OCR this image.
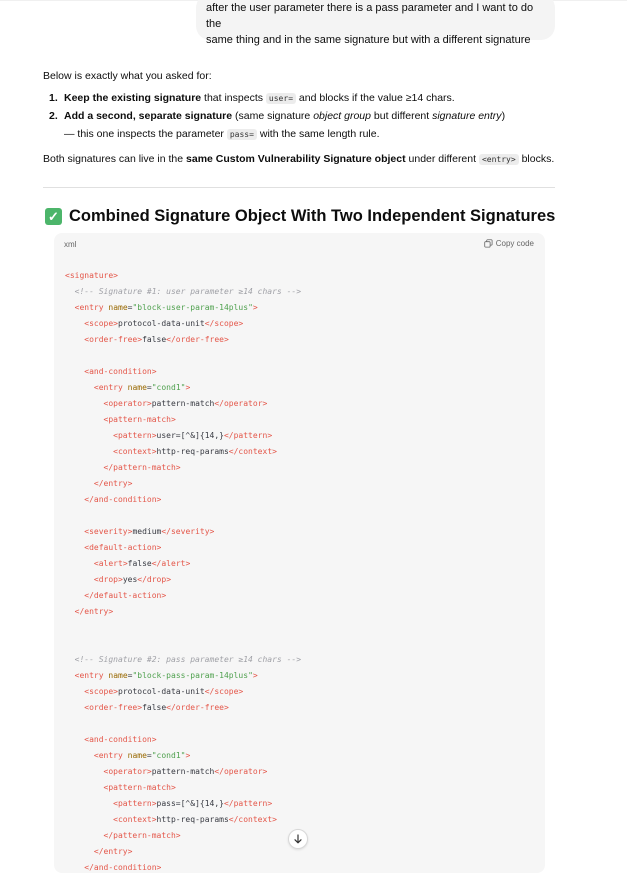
after the user parameter there is a pass parameter and I want to do the
same thing and in the same signature but with a different signature
Below is exactly what you asked for:
1. Keep the existing signature that inspects user= and blocks if the value ≥14 chars.
2. Add a second, separate signature (same signature object group but different signature entry)
— this one inspects the parameter pass= with the same length rule.
Both signatures can live in the same Custom Vulnerability Signature object under different <entry> blocks.
✓ Combined Signature Object With Two Independent Signatures
xml	Copy code
<signature>
<!-- Signature #1: user parameter ≥14 chars -->
<entry name="block-user-param-14plus">
<scope>protocol-data-unit</scope>
<order-free>false</order-free>
<and-condition>
<entry name="cond1">
<operator>pattern-match</operator>
<pattern-match>
<pattern>user=[^&]{14,}</pattern>
<context>http-req-params</context>
</pattern-match>
</entry>
</and-condition>
<severity>medium</severity>
<default-action>
<alert>false</alert>
<drop>yes</drop>
</default-action>
</entry>
<!-- Signature #2: pass parameter ≥14 chars -->
<entry name="block-pass-param-14plus">
<scope>protocol-data-unit</scope>
<order-free>false</order-free>
<and-condition>
<entry name="cond1">
<operator>pattern-match</operator>
<pattern-match>
<pattern>pass=[^&]{14,}</pattern>
<context>http-req-params</context>
</pattern-match>
</entry>
</and-condition>
